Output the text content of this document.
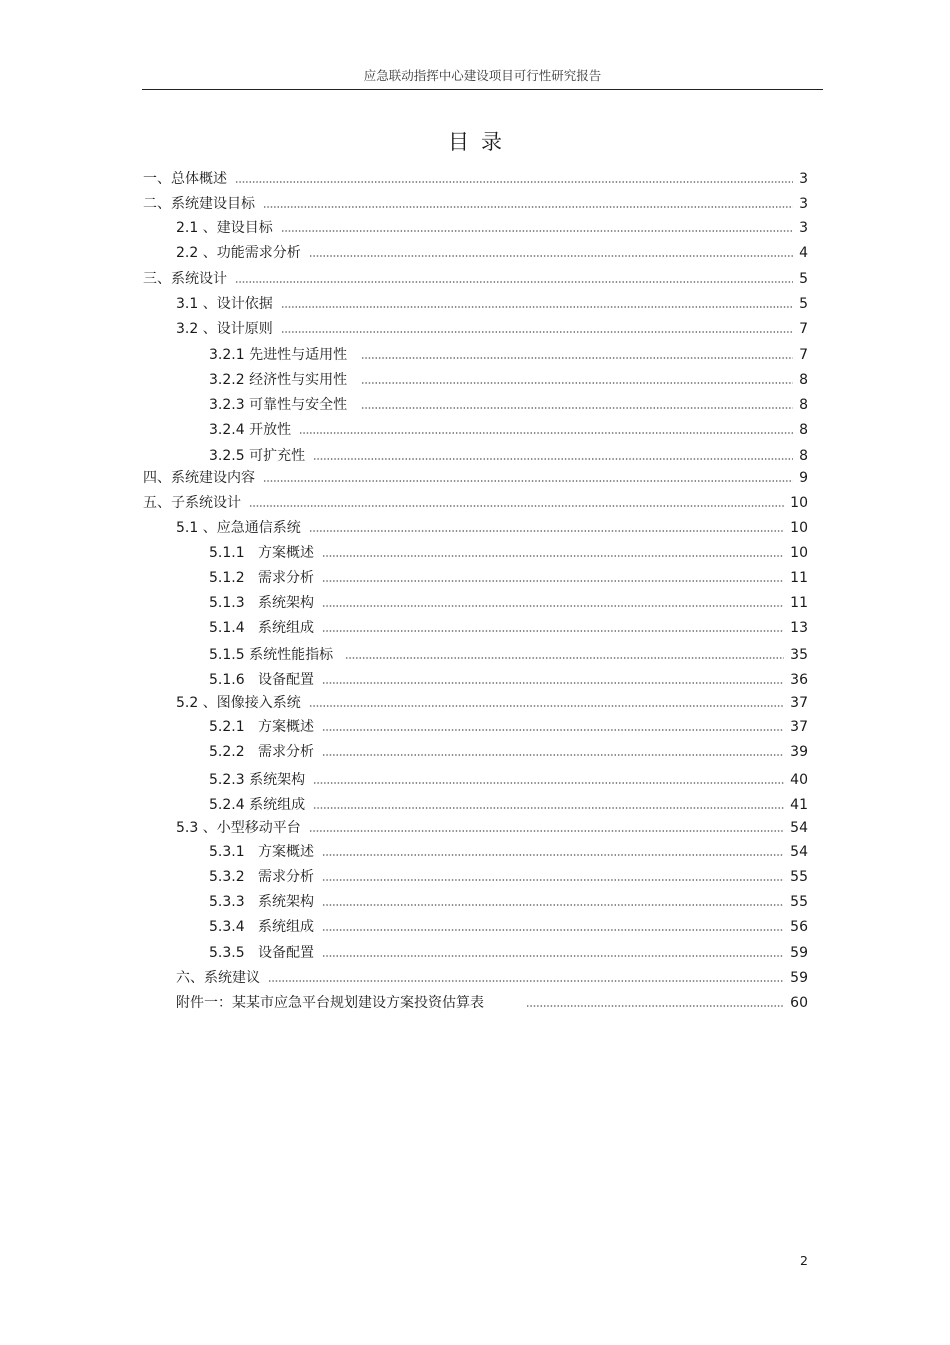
应急联动指挥中心建设项目可行性研究报告
目录
一、总体概述	3
二、系统建设目标	3
2.1 、建设目标	3
2.2 、功能需求分析	4
三、系统设计	5
3.1 、设计依据	5
3.2 、设计原则	7
3.2.1 先进性与适用性	7
3.2.2 经济性与实用性	8
3.2.3 可靠性与安全性	8
3.2.4 开放性	8
3.2.5 可扩充性	8
四、系统建设内容	9
五、子系统设计	10
5.1 、应急通信系统	10
5.1.1   方案概述	10
5.1.2   需求分析	11
5.1.3   系统架构	11
5.1.4   系统组成	13
5.1.5 系统性能指标	35
5.1.6   设备配置	36
5.2 、图像接入系统	37
5.2.1   方案概述	37
5.2.2   需求分析	39
5.2.3 系统架构	40
5.2.4 系统组成	41
5.3 、小型移动平台	54
5.3.1   方案概述	54
5.3.2   需求分析	55
5.3.3   系统架构	55
5.3.4   系统组成	56
5.3.5   设备配置	59
六、系统建议	59
附件一：某某市应急平台规划建设方案投资估算表	60
2
